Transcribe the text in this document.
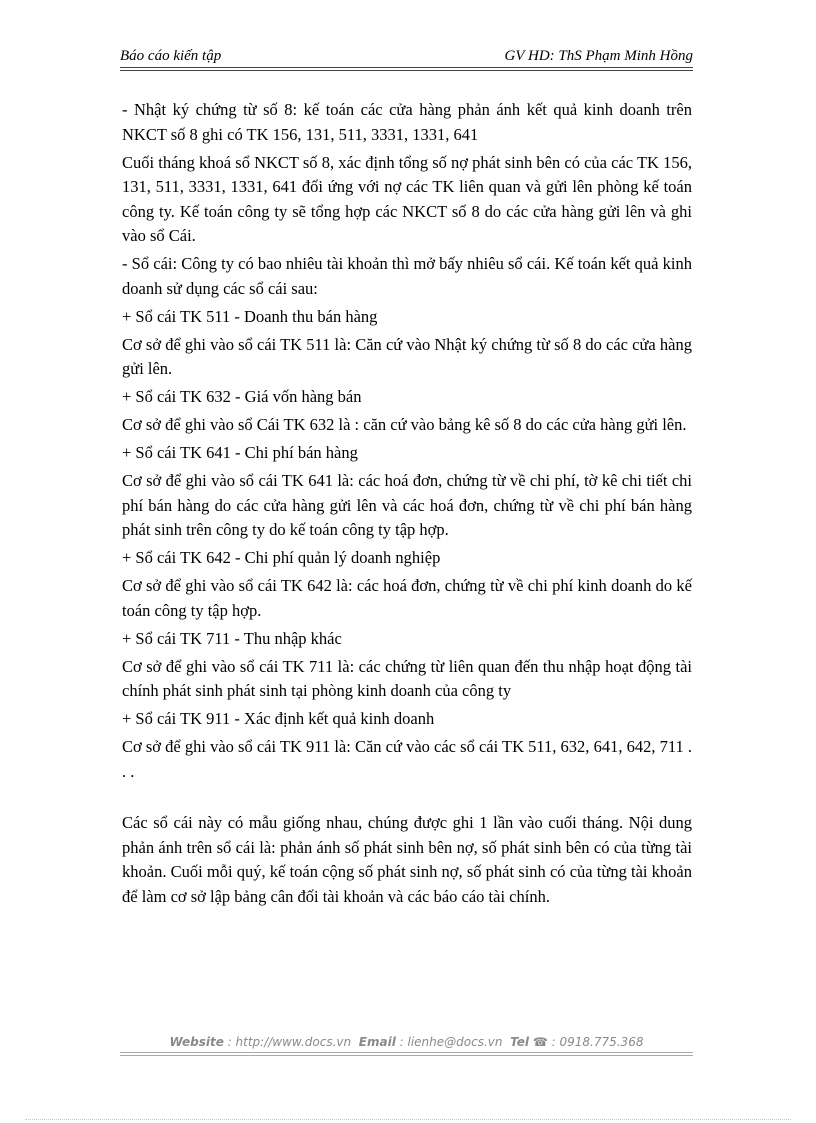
Báo cáo kiến tập	GV HD: ThS Phạm Minh Hồng

- Nhật ký chứng từ số 8: kế toán các cửa hàng phản ánh kết quả kinh doanh trên NKCT số 8 ghi có TK 156, 131, 511, 3331, 1331, 641

Cuối tháng khoá sổ NKCT số 8, xác định tổng số nợ phát sinh bên có của các TK 156, 131, 511, 3331, 1331, 641 đối ứng với nợ các TK liên quan và gửi lên phòng kế toán công ty. Kế toán công ty sẽ tổng hợp các NKCT số 8 do các cửa hàng gửi lên và ghi vào sổ Cái.

- Sổ cái: Công ty có bao nhiêu tài khoản thì mở bấy nhiêu sổ cái. Kế toán kết quả kinh doanh sử dụng các sổ cái sau:

+ Sổ cái TK 511 - Doanh thu bán hàng

Cơ sở để ghi vào sổ cái TK 511 là: Căn cứ vào Nhật ký chứng từ số 8 do các cửa hàng gửi lên.

+ Sổ cái TK 632 - Giá vốn hàng bán

Cơ sở để ghi vào sổ Cái TK 632 là : căn cứ vào bảng kê số 8 do các cửa hàng gửi lên.

+ Sổ cái TK 641 - Chi phí bán hàng

Cơ sở để ghi vào sổ cái TK 641 là: các hoá đơn, chứng từ về chi phí, tờ kê chi tiết chi phí bán hàng do các cửa hàng gửi lên và các hoá đơn, chứng từ về chi phí bán hàng phát sinh trên công ty do kế toán công ty tập hợp.

+ Sổ cái TK 642 - Chi phí quản lý doanh nghiệp

Cơ sở để ghi vào sổ cái TK 642 là: các hoá đơn, chứng từ về chi phí kinh doanh do kế toán công ty tập hợp.

+ Sổ cái TK 711 - Thu nhập khác

Cơ sở để ghi vào sổ cái TK 711 là: các chứng từ liên quan đến thu nhập hoạt động tài chính phát sinh phát sinh tại phòng kinh doanh của công ty

+ Sổ cái TK 911 - Xác định kết quả kinh doanh

Cơ sở để ghi vào sổ cái TK 911 là: Căn cứ vào các sổ cái TK 511, 632, 641, 642, 711 . . .

Các sổ cái này có mẫu giống nhau, chúng được ghi 1 lần vào cuối tháng. Nội dung phản ánh trên sổ cái là: phản ánh số phát sinh bên nợ, số phát sinh bên có của từng tài khoản. Cuối mỗi quý, kế toán cộng số phát sinh nợ, số phát sinh có của từng tài khoản để làm cơ sở lập bảng cân đối tài khoản và các báo cáo tài chính.

Website : http://www.docs.vn Email : lienhe@docs.vn Tel ☎ : 0918.775.368
